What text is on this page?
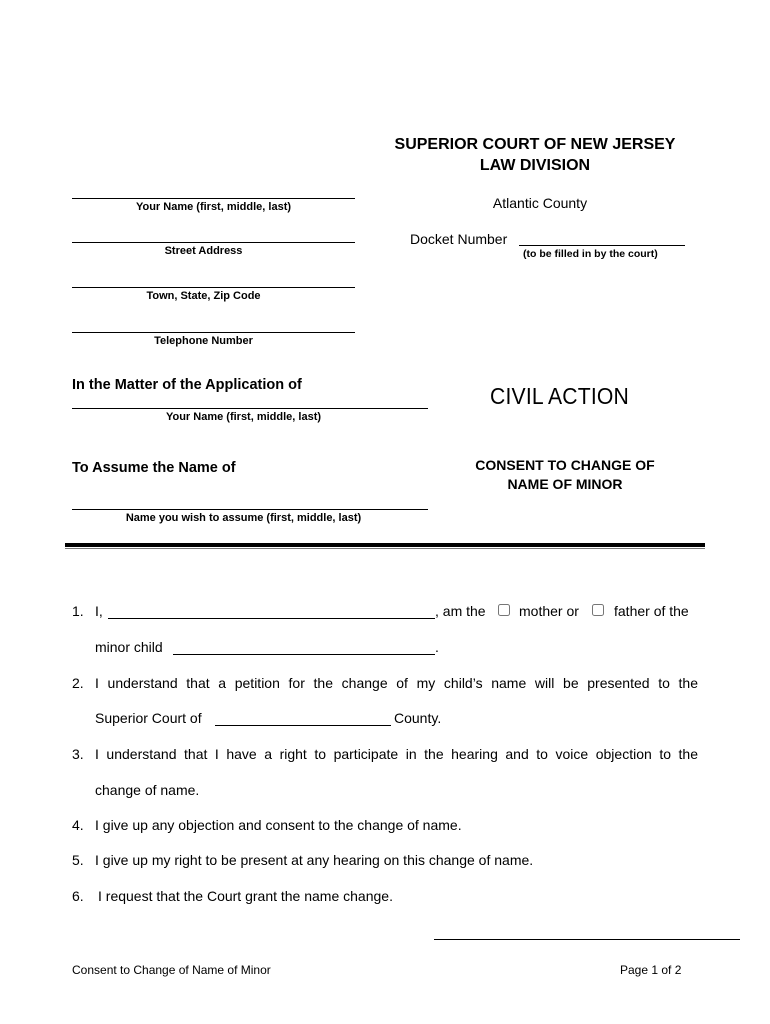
SUPERIOR COURT OF NEW JERSEY
LAW DIVISION
Atlantic County
Docket Number
(to be filled in by the court)
Your Name (first, middle, last)
Street Address
Town, State, Zip Code
Telephone Number
In the Matter of the Application of
Your Name (first, middle, last)
To Assume the Name of
Name you wish to assume (first, middle, last)
CIVIL ACTION
CONSENT TO CHANGE OF
NAME OF MINOR
1. I,	, am the mother or	father of the
minor child	.
2. I understand that a petition for the change of my child’s name will be presented to the
Superior Court of	County.
3. I understand that I have a right to participate in the hearing and to voice objection to the
change of name.
4. I give up any objection and consent to the change of name.
5. I give up my right to be present at any hearing on this change of name.
6. I request that the Court grant the name change.
Consent to Change of Name of Minor	Page 1 of 2
